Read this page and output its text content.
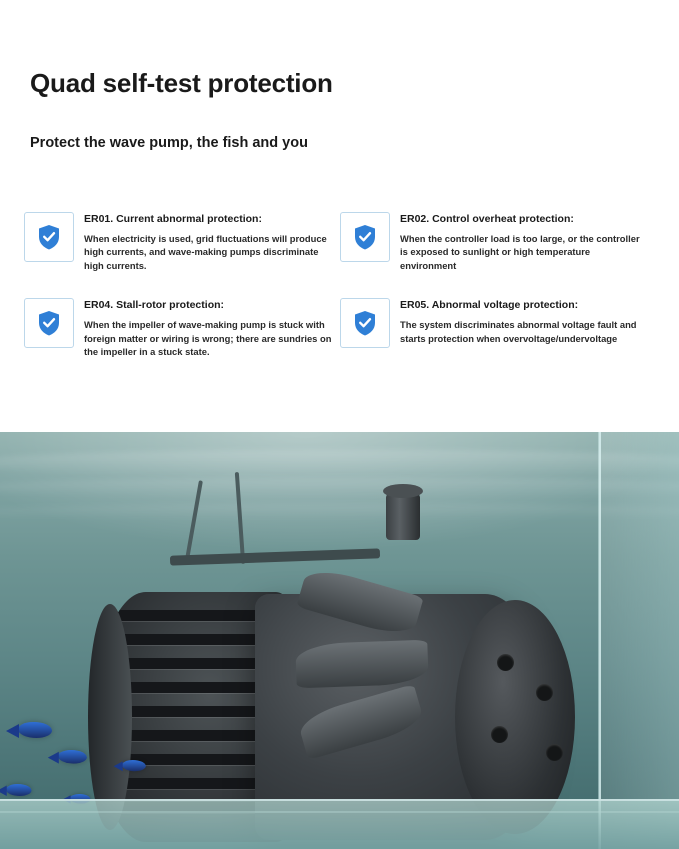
Quad self-test protection
Protect the wave pump, the fish and you
ER01. Current abnormal protection:
When electricity is used, grid fluctuations will produce high currents, and wave-making pumps discriminate high currents.
ER02. Control overheat protection:
When the controller load is too large, or the controller is exposed to sunlight or high temperature environment
ER04. Stall-rotor protection:
When the impeller of wave-making pump is stuck with foreign matter or wiring is wrong; there are sundries on the impeller in a stuck state.
ER05. Abnormal voltage protection:
The system discriminates abnormal voltage fault and starts protection when overvoltage/undervoltage
